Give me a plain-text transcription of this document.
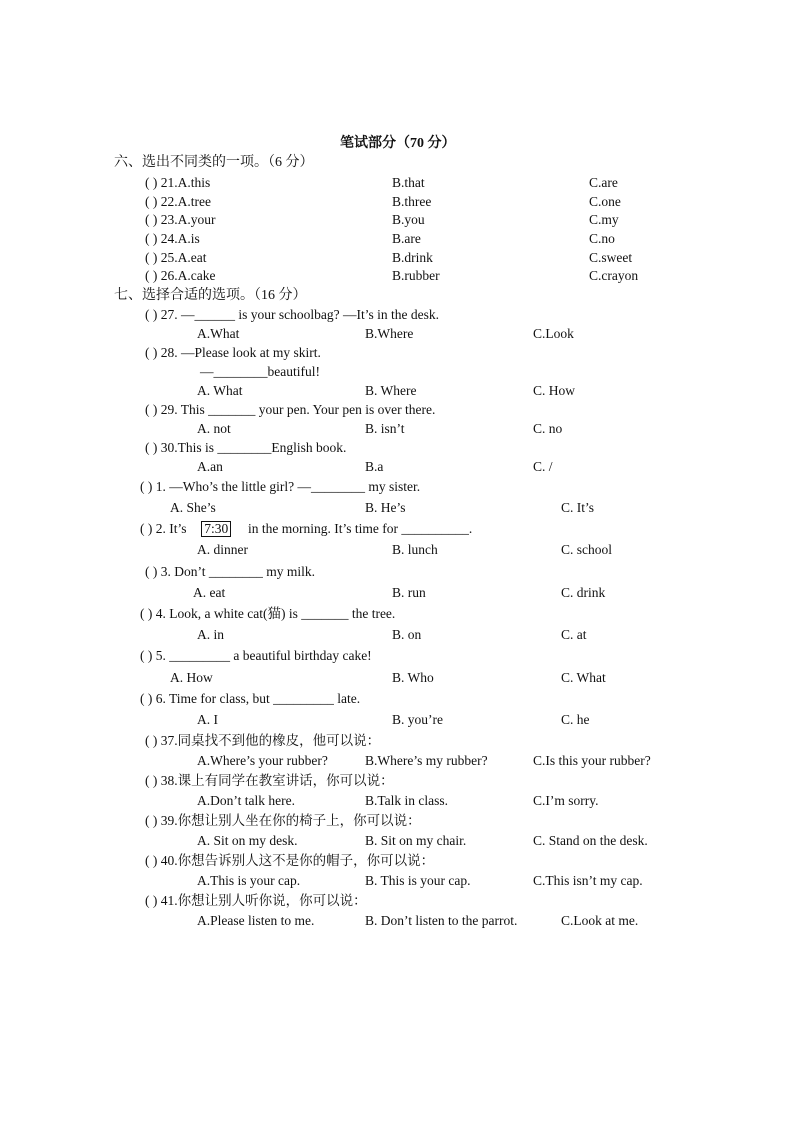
笔试部分（70 分）
六、选出不同类的一项。（6 分）
( ) 21.A.this	B.that	C.are
( ) 22.A.tree	B.three	C.one
( ) 23.A.your	B.you	C.my
( ) 24.A.is	B.are	C.no
( ) 25.A.eat	B.drink	C.sweet
( ) 26.A.cake	B.rubber	C.crayon
七、选择合适的选项。（16 分）
( ) 27. —______ is your schoolbag? —It’s in the desk.
A.What	B.Where	C.Look
( ) 28. —Please look at my skirt.
—________beautiful!
A. What	B. Where	C. How
( ) 29. This _______ your pen. Your pen is over there.
A. not	B. isn’t	C. no
( ) 30.This is ________English book.
A.an	B.a	C. /
( ) 1. —Who’s the little girl? —________ my sister.
A. She’s	B. He’s	C. It’s
( ) 2. It’s 7:30 in the morning. It’s time for __________.
A. dinner	B. lunch	C. school
( ) 3. Don’t ________ my milk.
A. eat	B. run	C. drink
( ) 4. Look, a white cat(猫) is _______ the tree.
A. in	B. on	C. at
( ) 5. _________ a beautiful birthday cake!
A. How	B. Who	C. What
( ) 6. Time for class, but _________ late.
A. I	B. you’re	C. he
( ) 37.同桌找不到他的橡皮，他可以说：
A.Where’s your rubber?	B.Where’s my rubber?	C.Is this your rubber?
( ) 38.课上有同学在教室讲话，你可以说：
A.Don’t talk here.	B.Talk in class.	C.I’m sorry.
( ) 39.你想让别人坐在你的椅子上，你可以说：
A. Sit on my desk.	B. Sit on my chair.	C. Stand on the desk.
( ) 40.你想告诉别人这不是你的帽子，你可以说：
A.This is your cap.	B. This is your cap.	C.This isn’t my cap.
( ) 41.你想让别人听你说，你可以说：
A.Please listen to me.	B. Don’t listen to the parrot.	C.Look at me.
